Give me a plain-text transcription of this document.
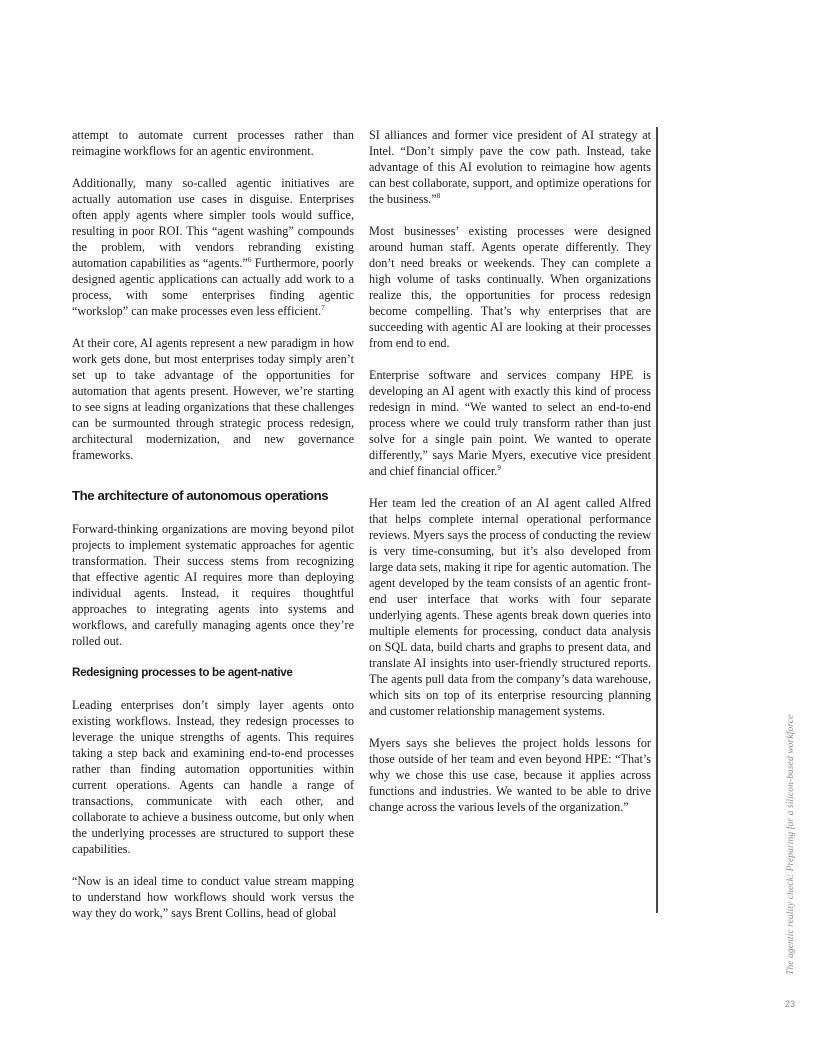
attempt to automate current processes rather than reimagine workflows for an agentic environment.

Additionally, many so-called agentic initiatives are actually automation use cases in disguise. Enterprises often apply agents where simpler tools would suffice, resulting in poor ROI. This “agent washing” compounds the problem, with vendors rebranding existing automation capabilities as “agents.”$^6$ Furthermore, poorly designed agentic applications can actually add work to a process, with some enterprises finding agentic “workslop” can make processes even less efficient.$^7$

At their core, AI agents represent a new paradigm in how work gets done, but most enterprises today simply aren’t set up to take advantage of the opportunities for automation that agents present. However, we’re starting to see signs at leading organizations that these challenges can be surmounted through strategic process redesign, architectural modernization, and new governance frameworks.

The architecture of autonomous operations

Forward-thinking organizations are moving beyond pilot projects to implement systematic approaches for agentic transformation. Their success stems from recognizing that effective agentic AI requires more than deploying individual agents. Instead, it requires thoughtful approaches to integrating agents into systems and workflows, and carefully managing agents once they’re rolled out.

Redesigning processes to be agent-native

Leading enterprises don’t simply layer agents onto existing workflows. Instead, they redesign processes to leverage the unique strengths of agents. This requires taking a step back and examining end-to-end processes rather than finding automation opportunities within current operations. Agents can handle a range of transactions, communicate with each other, and collaborate to achieve a business outcome, but only when the underlying processes are structured to support these capabilities.

“Now is an ideal time to conduct value stream mapping to understand how workflows should work versus the way they do work,” says Brent Collins, head of global

SI alliances and former vice president of AI strategy at Intel. “Don’t simply pave the cow path. Instead, take advantage of this AI evolution to reimagine how agents can best collaborate, support, and optimize operations for the business.”$^8$

Most businesses’ existing processes were designed around human staff. Agents operate differently. They don’t need breaks or weekends. They can complete a high volume of tasks continually. When organizations realize this, the opportunities for process redesign become compelling. That’s why enterprises that are succeeding with agentic AI are looking at their processes from end to end.

Enterprise software and services company HPE is developing an AI agent with exactly this kind of process redesign in mind. “We wanted to select an end-to-end process where we could truly transform rather than just solve for a single pain point. We wanted to operate differently,” says Marie Myers, executive vice president and chief financial officer.$^9$

Her team led the creation of an AI agent called Alfred that helps complete internal operational performance reviews. Myers says the process of conducting the review is very time-consuming, but it’s also developed from large data sets, making it ripe for agentic automation. The agent developed by the team consists of an agentic front-end user interface that works with four separate underlying agents. These agents break down queries into multiple elements for processing, conduct data analysis on SQL data, build charts and graphs to present data, and translate AI insights into user-friendly structured reports. The agents pull data from the company’s data warehouse, which sits on top of its enterprise resourcing planning and customer relationship management systems.

Myers says she believes the project holds lessons for those outside of her team and even beyond HPE: “That’s why we chose this use case, because it applies across functions and industries. We wanted to be able to drive change across the various levels of the organization.”	The agentic reality check: Preparing for a silicon-based workforce
23
